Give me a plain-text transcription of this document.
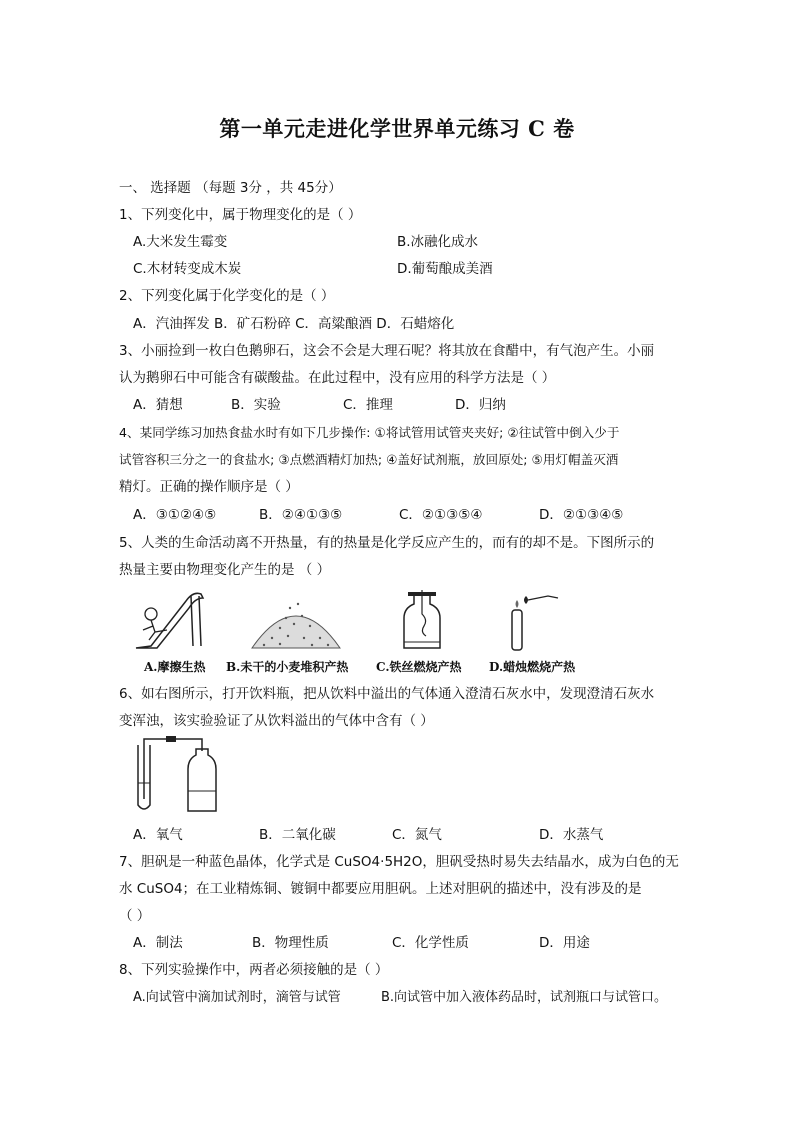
第一单元走进化学世界单元练习 C 卷
一、 选择题 （每题 3分 ，共 45分）
1、下列变化中，属于物理变化的是（ ）
A.大米发生霉变	B.冰融化成水
C.木材转变成木炭	D.葡萄酿成美酒
2、下列变化属于化学变化的是（ ）
A．汽油挥发 B．矿石粉碎 C．高粱酿酒 D．石蜡熔化
3、小丽捡到一枚白色鹅卵石，这会不会是大理石呢？将其放在食醋中，有气泡产生。小丽
认为鹅卵石中可能含有碳酸盐。在此过程中，没有应用的科学方法是（ ）
A．猜想	B．实验	C．推理	D．归纳
4、某同学练习加热食盐水时有如下几步操作: ①将试管用试管夹夹好; ②往试管中倒入少于
试管容积三分之一的食盐水; ③点燃酒精灯加热; ④盖好试剂瓶，放回原处; ⑤用灯帽盖灭酒
精灯。正确的操作顺序是（ ）
A．③①②④⑤	B．②④①③⑤	C．②①③⑤④	D．②①③④⑤
5、人类的生命活动离不开热量，有的热量是化学反应产生的，而有的却不是。下图所示的
热量主要由物理变化产生的是 （ ）
A.摩擦生热 B.未干的小麦堆积产热 C.铁丝燃烧产热 D.蜡烛燃烧产热
6、如右图所示，打开饮料瓶，把从饮料中溢出的气体通入澄清石灰水中，发现澄清石灰水
变浑浊，该实验验证了从饮料溢出的气体中含有（ ）
A．氧气	B．二氧化碳	C．氮气	D．水蒸气
7、胆矾是一种蓝色晶体，化学式是 CuSO4·5H2O，胆矾受热时易失去结晶水，成为白色的无
水 CuSO4；在工业精炼铜、镀铜中都要应用胆矾。上述对胆矾的描述中，没有涉及的是
（ ）
A．制法	B．物理性质	C．化学性质	D．用途
8、下列实验操作中，两者必须接触的是（ ）
A.向试管中滴加试剂时，滴管与试管	B.向试管中加入液体药品时，试剂瓶口与试管口。
